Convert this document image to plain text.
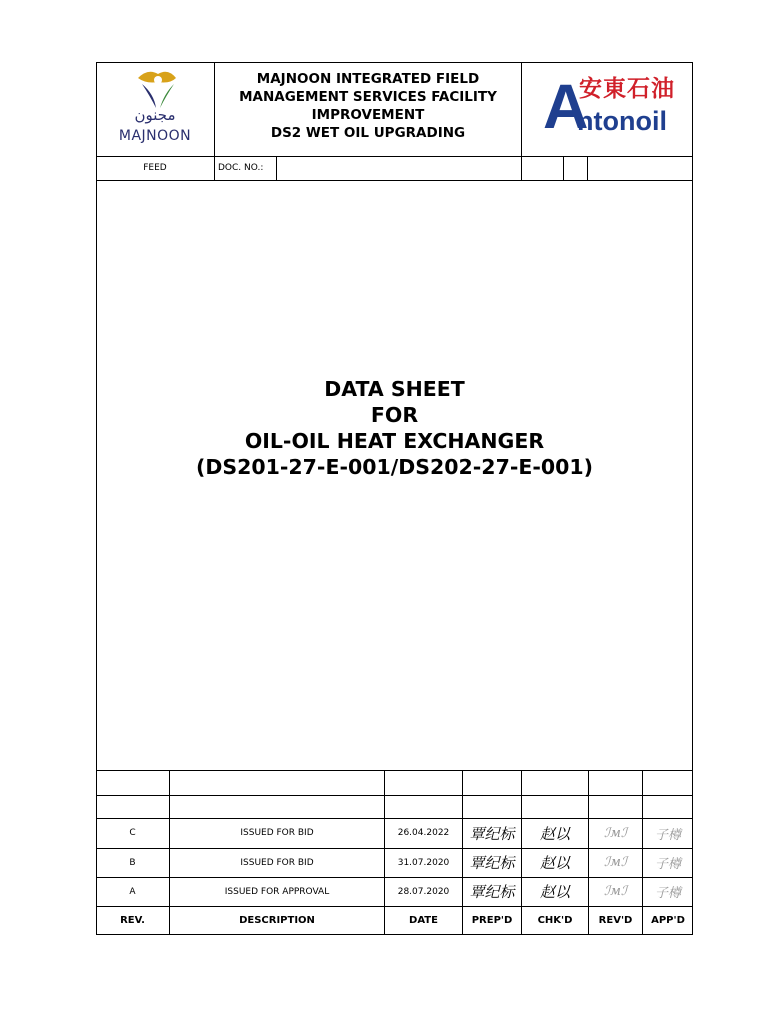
مجنون
MAJNOON
MAJNOON INTEGRATED FIELD
MANAGEMENT SERVICES FACILITY
IMPROVEMENT
DS2 WET OIL UPGRADING	A
安東石油
ntonoil
FEED	DOC. NO.:
DATA SHEET
FOR
OIL-OIL HEAT EXCHANGER
(DS201-27-E-001/DS202-27-E-001)
C	ISSUED FOR BID	26.04.2022	覃纪标	赵以	ℐмℐ	子樽
B	ISSUED FOR BID	31.07.2020	覃纪标	赵以	ℐмℐ	子樽
A	ISSUED FOR APPROVAL	28.07.2020	覃纪标	赵以	ℐмℐ	子樽
REV.	DESCRIPTION	DATE	PREP'D	CHK'D	REV'D	APP'D
